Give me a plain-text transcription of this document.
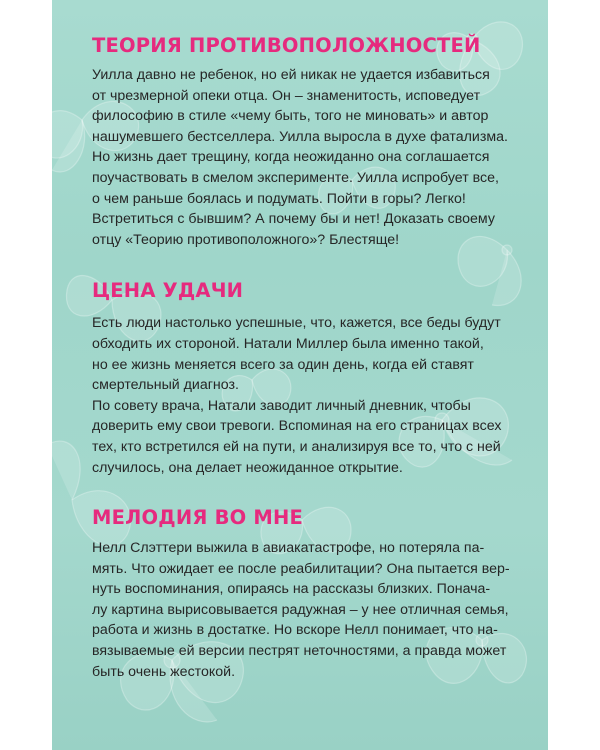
ТЕОРИЯ ПРОТИВОПОЛОЖНОСТЕЙ

Уилла давно не ребенок, но ей никак не удается избавиться
от чрезмерной опеки отца. Он – знаменитость, исповедует
философию в стиле «чему быть, того не миновать» и автор
нашумевшего бестселлера. Уилла выросла в духе фатализма.
Но жизнь дает трещину, когда неожиданно она соглашается
поучаствовать в смелом эксперименте. Уилла испробует все,
о чем раньше боялась и подумать. Пойти в горы? Легко!
Встретиться с бывшим? А почему бы и нет! Доказать своему
отцу «Теорию противоположного»? Блестяще!

ЦЕНА УДАЧИ

Есть люди настолько успешные, что, кажется, все беды будут
обходить их стороной. Натали Миллер была именно такой,
но ее жизнь меняется всего за один день, когда ей ставят
смертельный диагноз.
По совету врача, Натали заводит личный дневник, чтобы
доверить ему свои тревоги. Вспоминая на его страницах всех
тех, кто встретился ей на пути, и анализируя все то, что с ней
случилось, она делает неожиданное открытие.

МЕЛОДИЯ ВО МНЕ

Нелл Слэттери выжила в авиакатастрофе, но потеряла па-
мять. Что ожидает ее после реабилитации? Она пытается вер-
нуть воспоминания, опираясь на рассказы близких. Поначa-
лу картина вырисовывается радужная – у нее отличная семья,
работа и жизнь в достатке. Но вскоре Нелл понимает, что на-
вязываемые ей версии пестрят неточностями, а правда может
быть очень жестокой.
